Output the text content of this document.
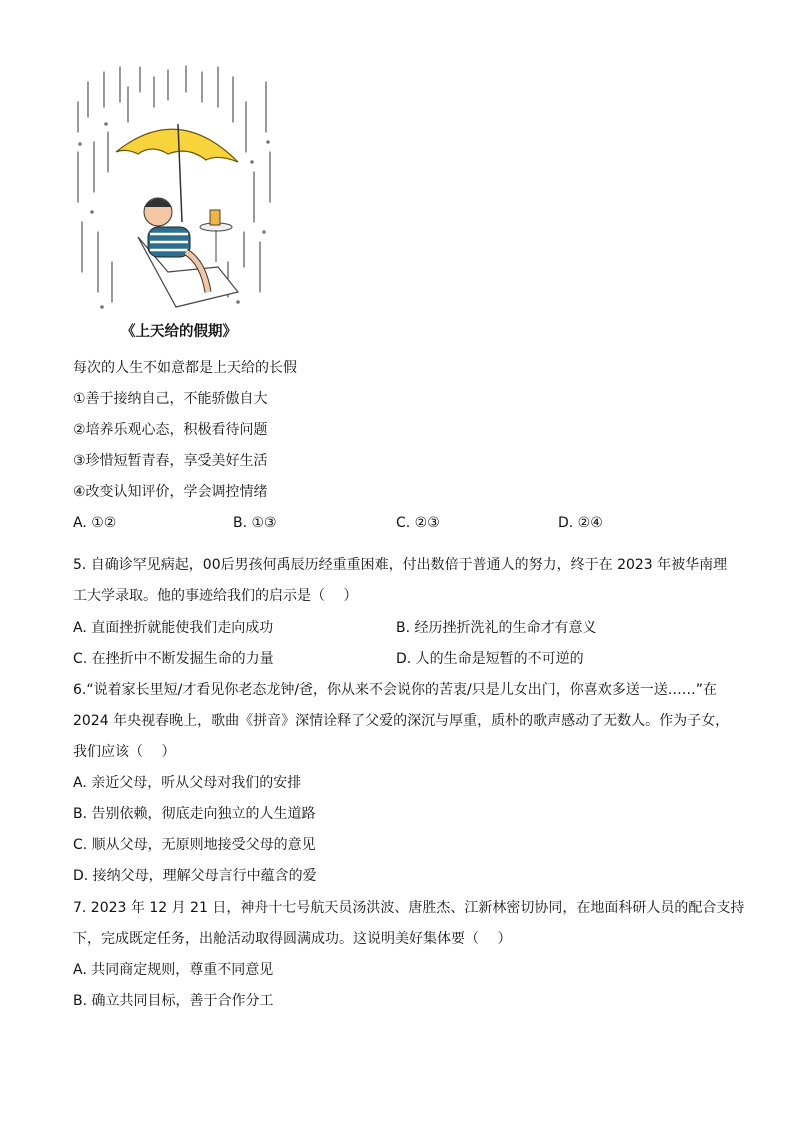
《上天给的假期》
每次的人生不如意都是上天给的长假
①善于接纳自己，不能骄傲自大
②培养乐观心态，积极看待问题
③珍惜短暂青春，享受美好生活
④改变认知评价，学会调控情绪
A. ①②	B. ①③	C. ②③	D. ②④
5. 自确诊罕见病起，00后男孩何禹辰历经重重困难，付出数倍于普通人的努力，终于在 2023 年被华南理
工大学录取。他的事迹给我们的启示是（　 ）
A. 直面挫折就能使我们走向成功	B. 经历挫折洗礼的生命才有意义
C. 在挫折中不断发掘生命的力量	D. 人的生命是短暂的不可逆的
6.“说着家长里短/才看见你老态龙钟/爸，你从来不会说你的苦衷/只是儿女出门，你喜欢多送一送……”在
2024 年央视春晚上，歌曲《拼音》深情诠释了父爱的深沉与厚重，质朴的歌声感动了无数人。作为子女，
我们应该（　 ）
A. 亲近父母，听从父母对我们的安排
B. 告别依赖，彻底走向独立的人生道路
C. 顺从父母，无原则地接受父母的意见
D. 接纳父母，理解父母言行中蕴含的爱
7. 2023 年 12 月 21 日，神舟十七号航天员汤洪波、唐胜杰、江新林密切协同，在地面科研人员的配合支持
下，完成既定任务，出舱活动取得圆满成功。这说明美好集体要（　 ）
A. 共同商定规则，尊重不同意见
B. 确立共同目标，善于合作分工
